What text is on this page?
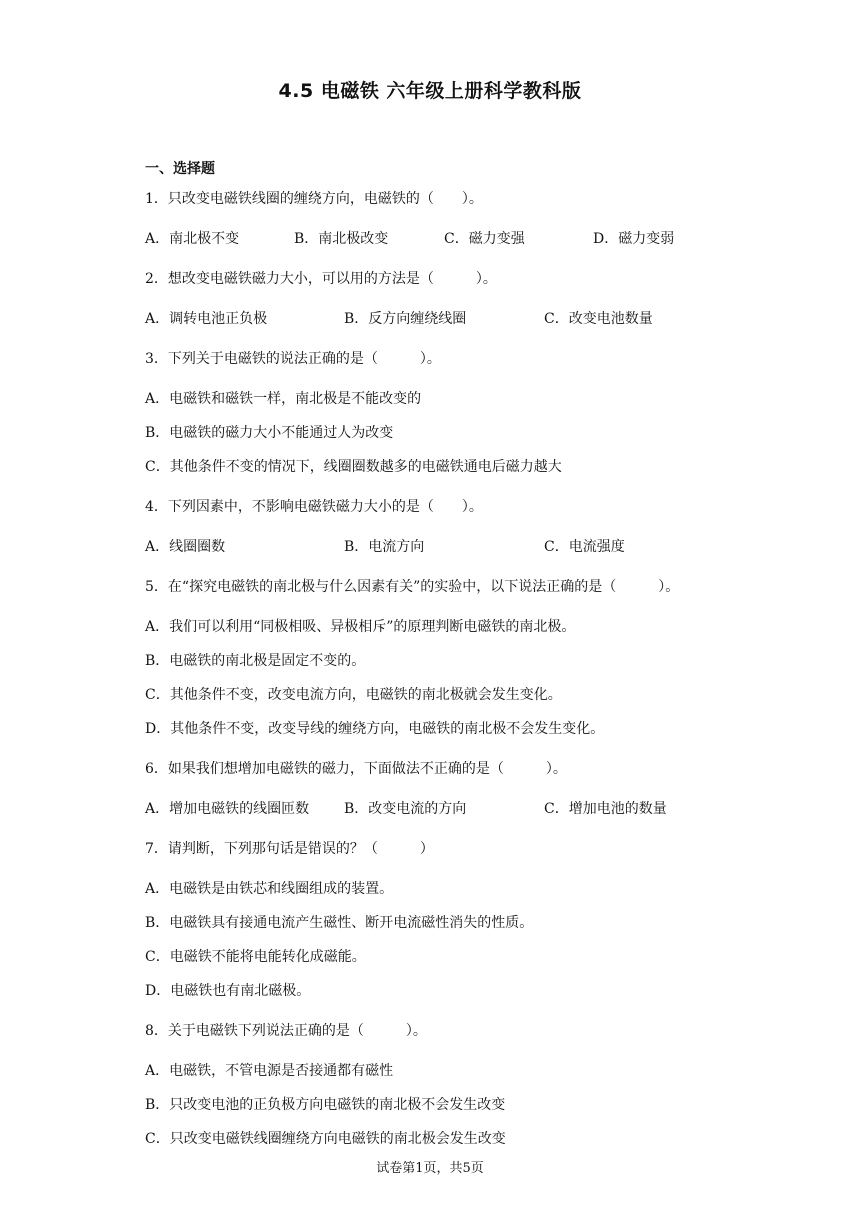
4.5 电磁铁 六年级上册科学教科版
一、选择题
1．只改变电磁铁线圈的缠绕方向，电磁铁的（　　）。
A．南北极不变	B．南北极改变	C．磁力变强	D．磁力变弱
2．想改变电磁铁磁力大小，可以用的方法是（　　　）。
A．调转电池正负极	B．反方向缠绕线圈	C．改变电池数量
3．下列关于电磁铁的说法正确的是（　　　）。
A．电磁铁和磁铁一样，南北极是不能改变的
B．电磁铁的磁力大小不能通过人为改变
C．其他条件不变的情况下，线圈圈数越多的电磁铁通电后磁力越大
4．下列因素中，不影响电磁铁磁力大小的是（　　）。
A．线圈圈数	B．电流方向	C．电流强度
5．在“探究电磁铁的南北极与什么因素有关”的实验中，以下说法正确的是（　　　）。
A．我们可以利用“同极相吸、异极相斥”的原理判断电磁铁的南北极。
B．电磁铁的南北极是固定不变的。
C．其他条件不变，改变电流方向，电磁铁的南北极就会发生变化。
D．其他条件不变，改变导线的缠绕方向，电磁铁的南北极不会发生变化。
6．如果我们想增加电磁铁的磁力，下面做法不正确的是（　　　）。
A．增加电磁铁的线圈匝数 B．改变电流的方向	C．增加电池的数量
7．请判断，下列那句话是错误的？（　　　）
A．电磁铁是由铁芯和线圈组成的装置。
B．电磁铁具有接通电流产生磁性、断开电流磁性消失的性质。
C．电磁铁不能将电能转化成磁能。
D．电磁铁也有南北磁极。
8．关于电磁铁下列说法正确的是（　　　）。
A．电磁铁，不管电源是否接通都有磁性
B．只改变电池的正负极方向电磁铁的南北极不会发生改变
C．只改变电磁铁线圈缠绕方向电磁铁的南北极会发生改变
试卷第1页，共5页
